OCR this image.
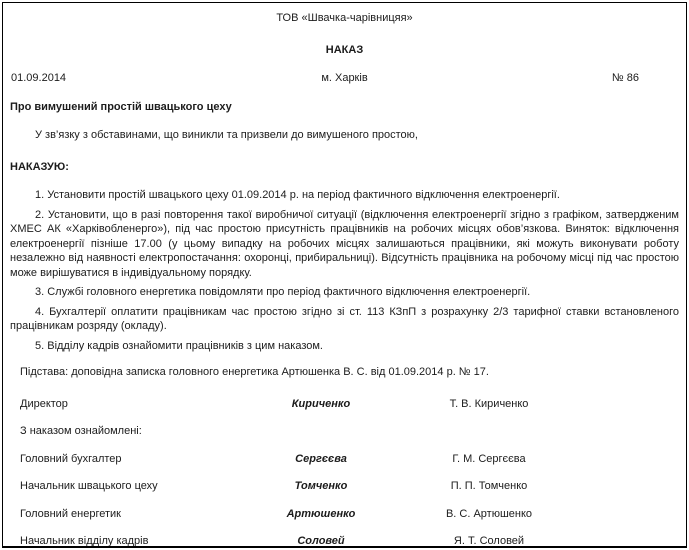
ТОВ «Швачка-чарівницяя»
НАКАЗ
01.09.2014	м. Харків	№ 86
Про вимушений простій швацького цеху
У зв’язку з обставинами, що виникли та призвели до вимушеного простою,
НАКАЗУЮ:

1. Установити простій швацького цеху 01.09.2014 р. на період фактичного відключення електроенергії.

2. Установити, що в разі повторення такої виробничої ситуації (відключення електроенергії згідно з графіком, затвердженим ХМЕС АК «Харківобленерго»), під час простою присутність працівників на робочих місцях обов’язкова. Виняток: відключення електроенергії пізніше 17.00 (у цьому випадку на робочих місцях залишаються працівники, які можуть виконувати роботу незалежно від наявності електропостачання: охоронці, прибиральниці). Відсутність працівника на робочому місці під час простою може вирішуватися в індивідуальному порядку.

3. Службі головного енергетика повідомляти про період фактичного відключення електроенергії.

4. Бухгалтерії оплатити працівникам час простою згідно зі ст. 113 КЗпП з розрахунку 2/3 тарифної ставки встановленого працівникам розряду (окладу).

5. Відділу кадрів ознайомити працівників з цим наказом.

Підстава: доповідна записка головного енергетика Артюшенка В. С. від 01.09.2014 р. № 17.
Директор	Кириченко	Т. В. Кириченко
З наказом ознайомлені:
Головний бухгалтер	Сергєєва	Г. М. Сергєєва
Начальник швацького цеху	Томченко	П. П. Томченко
Головний енергетик	Артюшенко	В. С. Артюшенко
Начальник відділу кадрів	Соловей	Я. Т. Соловей
